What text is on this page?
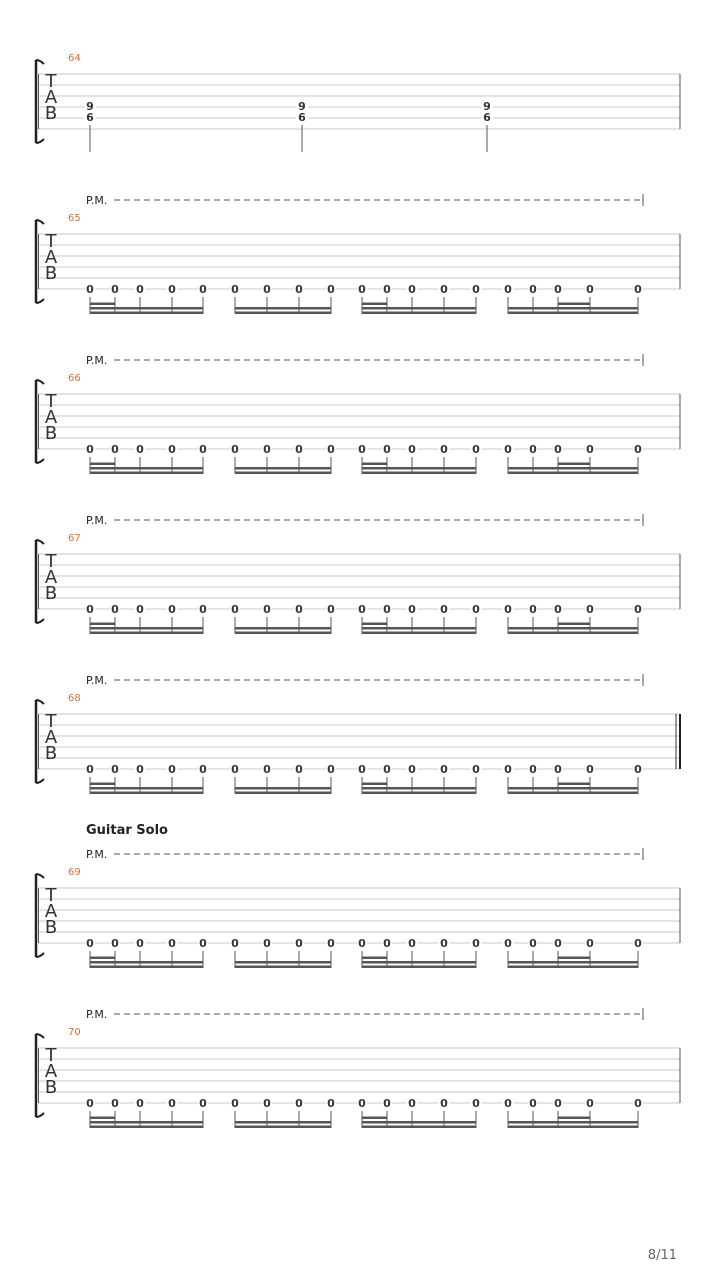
64
T
A
B	9
6
9
6
9
6
P.M.
65
T
A
B
0 0 0 0 0 0 0 0 0 0 0 0 0 0 0 0 0 0	0
P.M.
66
T
A
B
0 0 0 0 0 0 0 0 0 0 0 0 0 0 0 0 0 0	0
P.M.
67
T
A
B
0 0 0 0 0 0 0 0 0 0 0 0 0 0 0 0 0 0	0
P.M.
68
T
A
B
0 0 0 0 0 0 0 0 0 0 0 0 0 0 0 0 0 0	0
Guitar Solo
P.M.
69
T
A
B
0 0 0 0 0 0 0 0 0 0 0 0 0 0 0 0 0 0	0
P.M.
70
T
A
B
0 0 0 0 0 0 0 0 0 0 0 0 0 0 0 0 0 0	0
8/11
